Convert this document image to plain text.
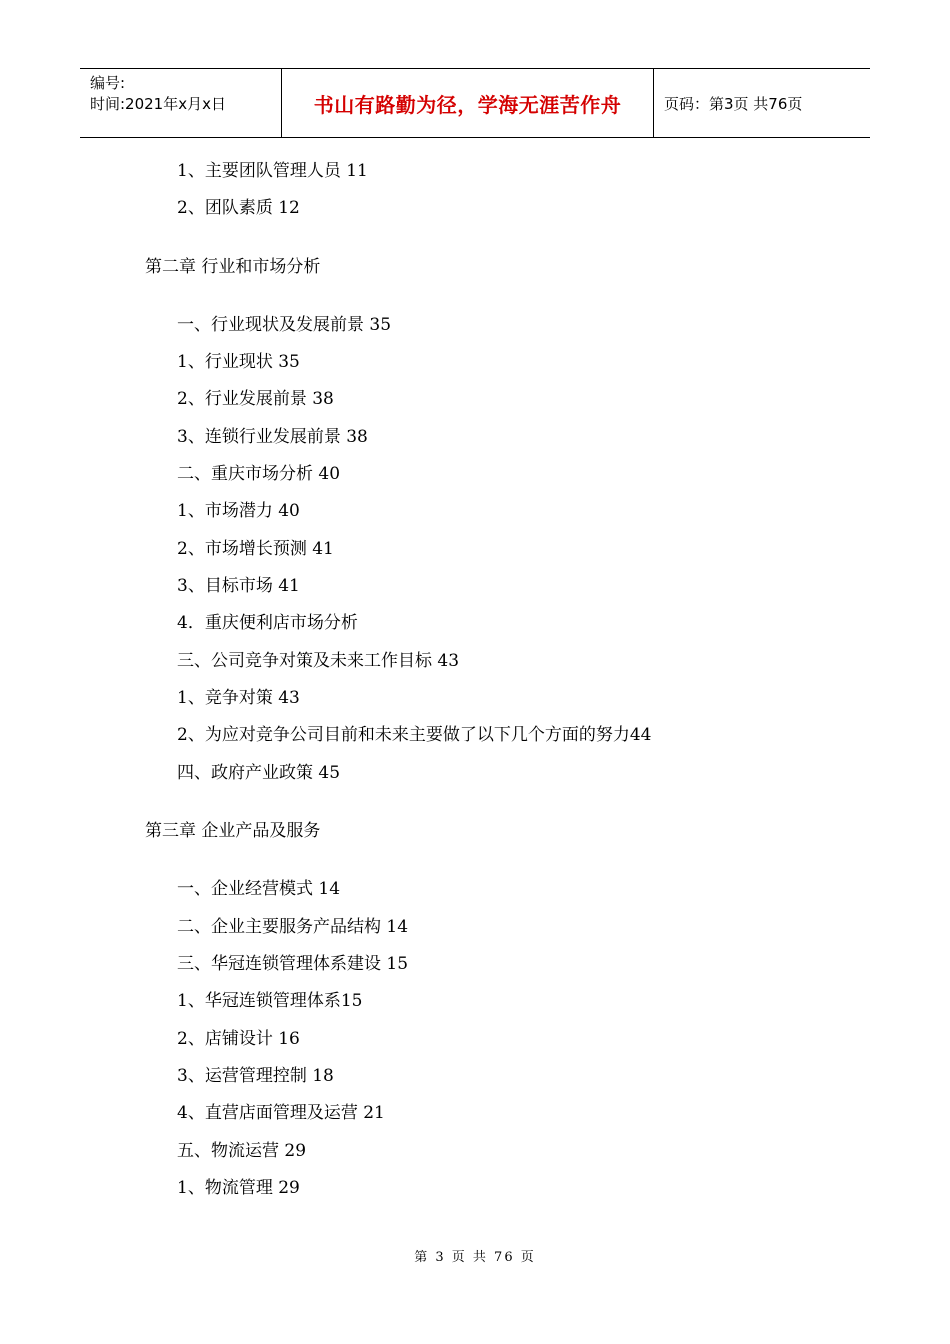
编号:
时间:2021年x月x日	书山有路勤为径，学海无涯苦作舟	页码：第3页 共76页
1、主要团队管理人员 11
2、团队素质 12
第二章 行业和市场分析
一、行业现状及发展前景 35
1、行业现状 35
2、行业发展前景 38
3、连锁行业发展前景 38
二、重庆市场分析 40
1、市场潜力 40
2、市场增长预测 41
3、目标市场 41
4．重庆便利店市场分析
三、公司竞争对策及未来工作目标 43
1、竞争对策 43
2、为应对竞争公司目前和未来主要做了以下几个方面的努力44
四、政府产业政策 45
第三章 企业产品及服务
一、企业经营模式 14
二、企业主要服务产品结构 14
三、华冠连锁管理体系建设 15
1、华冠连锁管理体系15
2、店铺设计 16
3、运营管理控制 18
4、直营店面管理及运营 21
五、物流运营 29
1、物流管理 29
第 3 页 共 76 页
